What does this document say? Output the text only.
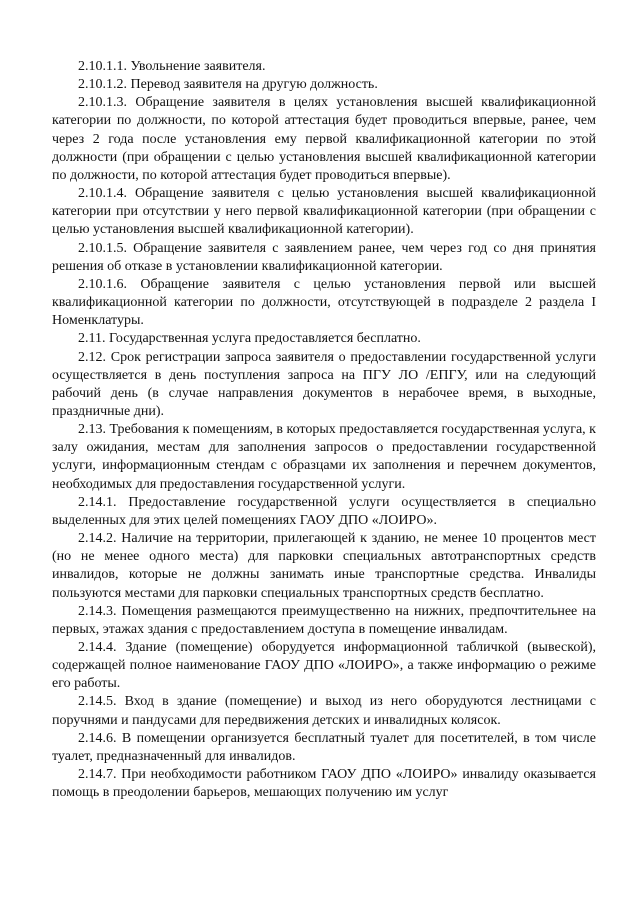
2.10.1.1. Увольнение заявителя.

2.10.1.2. Перевод заявителя на другую должность.

2.10.1.3. Обращение заявителя в целях установления высшей квалификационной категории по должности, по которой аттестация будет проводиться впервые, ранее, чем через 2 года после установления ему первой квалификационной категории по этой должности (при обращении с целью установления высшей квалификационной категории по должности, по которой аттестация будет проводиться впервые).

2.10.1.4. Обращение заявителя с целью установления высшей квалификационной категории при отсутствии у него первой квалификационной категории (при обращении с целью установления высшей квалификационной категории).

2.10.1.5. Обращение заявителя с заявлением ранее, чем через год со дня принятия решения об отказе в установлении квалификационной категории.

2.10.1.6. Обращение заявителя с целью установления первой или высшей квалификационной категории по должности, отсутствующей в подразделе 2 раздела I Номенклатуры.

2.11. Государственная услуга предоставляется бесплатно.

2.12. Срок регистрации запроса заявителя о предоставлении государственной услуги осуществляется в день поступления запроса на ПГУ ЛО /ЕПГУ, или на следующий рабочий день (в случае направления документов в нерабочее время, в выходные, праздничные дни).

2.13. Требования к помещениям, в которых предоставляется государственная услуга, к залу ожидания, местам для заполнения запросов о предоставлении государственной услуги, информационным стендам с образцами их заполнения и перечнем документов, необходимых для предоставления государственной услуги.

2.14.1. Предоставление государственной услуги осуществляется в специально выделенных для этих целей помещениях ГАОУ ДПО «ЛОИРО».

2.14.2. Наличие на территории, прилегающей к зданию, не менее 10 процентов мест (но не менее одного места) для парковки специальных автотранспортных средств инвалидов, которые не должны занимать иные транспортные средства. Инвалиды пользуются местами для парковки специальных транспортных средств бесплатно.

2.14.3. Помещения размещаются преимущественно на нижних, предпочтительнее на первых, этажах здания с предоставлением доступа в помещение инвалидам.

2.14.4. Здание (помещение) оборудуется информационной табличкой (вывеской), содержащей полное наименование ГАОУ ДПО «ЛОИРО», а также информацию о режиме его работы.

2.14.5. Вход в здание (помещение) и выход из него оборудуются лестницами с поручнями и пандусами для передвижения детских и инвалидных колясок.

2.14.6. В помещении организуется бесплатный туалет для посетителей, в том числе туалет, предназначенный для инвалидов.

2.14.7. При необходимости работником ГАОУ ДПО «ЛОИРО» инвалиду оказывается помощь в преодолении барьеров, мешающих получению им услуг
